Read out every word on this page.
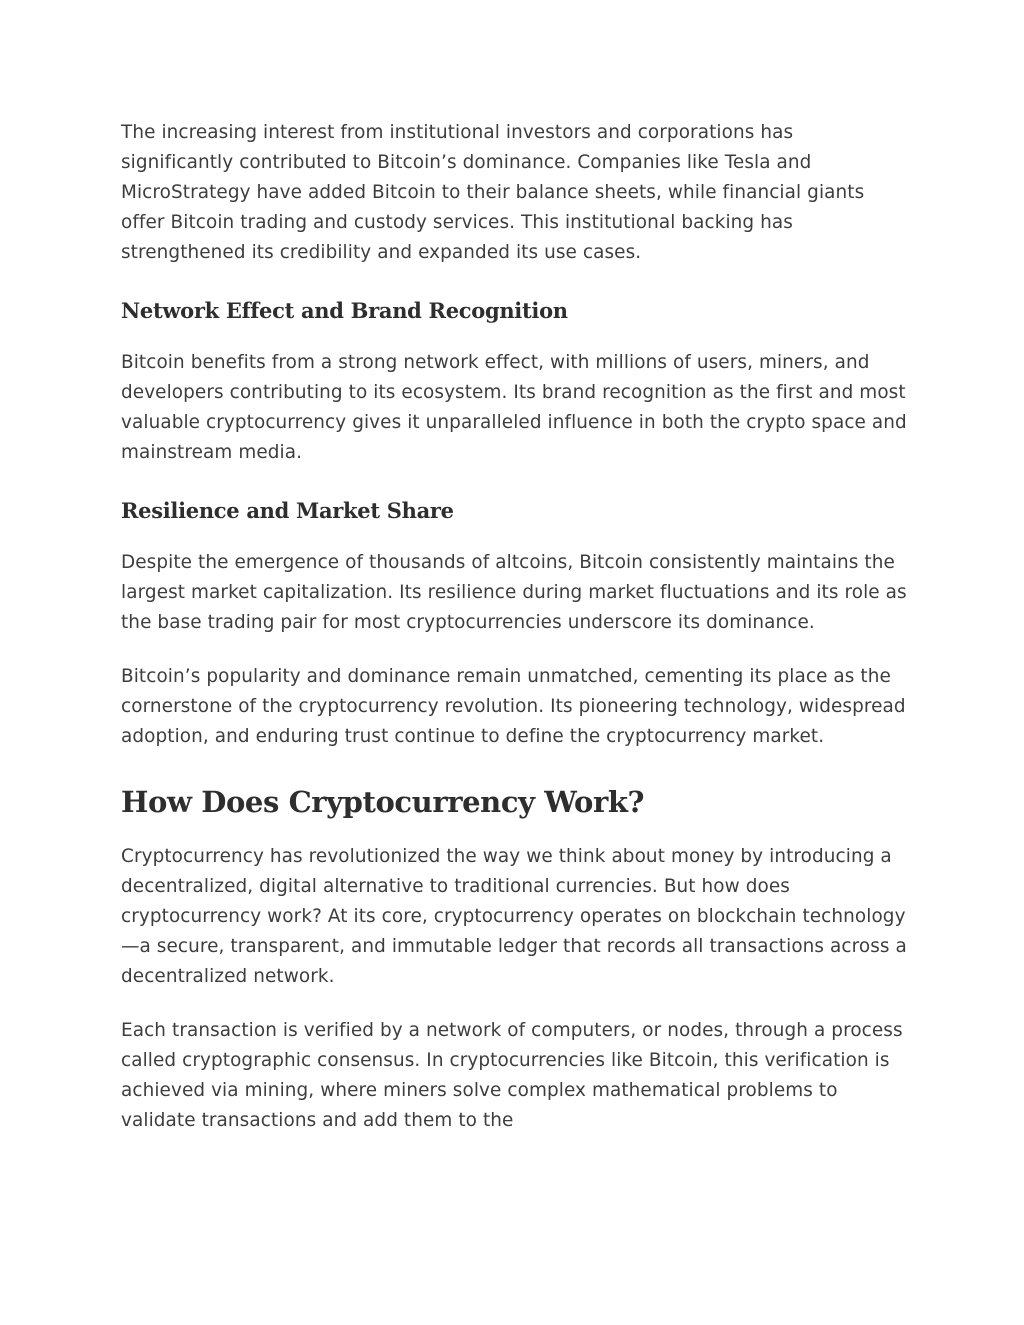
The increasing interest from institutional investors and corporations has significantly contributed to Bitcoin’s dominance. Companies like Tesla and MicroStrategy have added Bitcoin to their balance sheets, while financial giants offer Bitcoin trading and custody services. This institutional backing has strengthened its credibility and expanded its use cases.

Network Effect and Brand Recognition

Bitcoin benefits from a strong network effect, with millions of users, miners, and developers contributing to its ecosystem. Its brand recognition as the first and most valuable cryptocurrency gives it unparalleled influence in both the crypto space and mainstream media.

Resilience and Market Share

Despite the emergence of thousands of altcoins, Bitcoin consistently maintains the largest market capitalization. Its resilience during market fluctuations and its role as the base trading pair for most cryptocurrencies underscore its dominance.

Bitcoin’s popularity and dominance remain unmatched, cementing its place as the cornerstone of the cryptocurrency revolution. Its pioneering technology, widespread adoption, and enduring trust continue to define the cryptocurrency market.

How Does Cryptocurrency Work?

Cryptocurrency has revolutionized the way we think about money by introducing a decentralized, digital alternative to traditional currencies. But how does cryptocurrency work? At its core, cryptocurrency operates on blockchain technology—a secure, transparent, and immutable ledger that records all transactions across a decentralized network.

Each transaction is verified by a network of computers, or nodes, through a process called cryptographic consensus. In cryptocurrencies like Bitcoin, this verification is achieved via mining, where miners solve complex mathematical problems to validate transactions and add them to the
